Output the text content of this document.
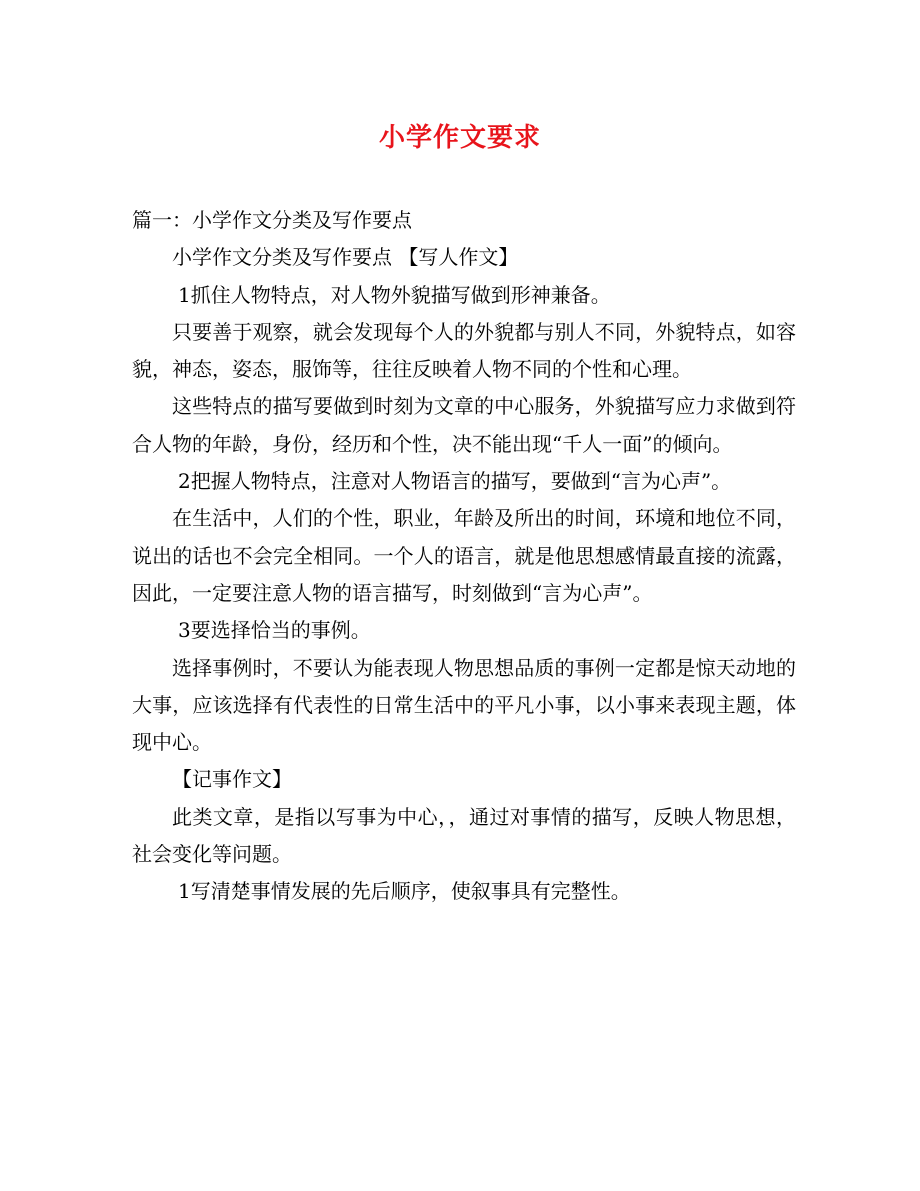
小学作文要求

篇一：小学作文分类及写作要点

小学作文分类及写作要点 【写人作文】

1抓住人物特点，对人物外貌描写做到形神兼备。

只要善于观察，就会发现每个人的外貌都与别人不同，外貌特点，如容貌，神态，姿态，服饰等，往往反映着人物不同的个性和心理。

这些特点的描写要做到时刻为文章的中心服务，外貌描写应力求做到符合人物的年龄，身份，经历和个性，决不能出现“千人一面”的倾向。

2把握人物特点，注意对人物语言的描写，要做到“言为心声”。

在生活中，人们的个性，职业，年龄及所出的时间，环境和地位不同，说出的话也不会完全相同。一个人的语言，就是他思想感情最直接的流露，因此，一定要注意人物的语言描写，时刻做到“言为心声”。

3要选择恰当的事例。

选择事例时，不要认为能表现人物思想品质的事例一定都是惊天动地的大事，应该选择有代表性的日常生活中的平凡小事，以小事来表现主题，体现中心。

【记事作文】

此类文章，是指以写事为中心，，通过对事情的描写，反映人物思想，社会变化等问题。

1写清楚事情发展的先后顺序，使叙事具有完整性。
